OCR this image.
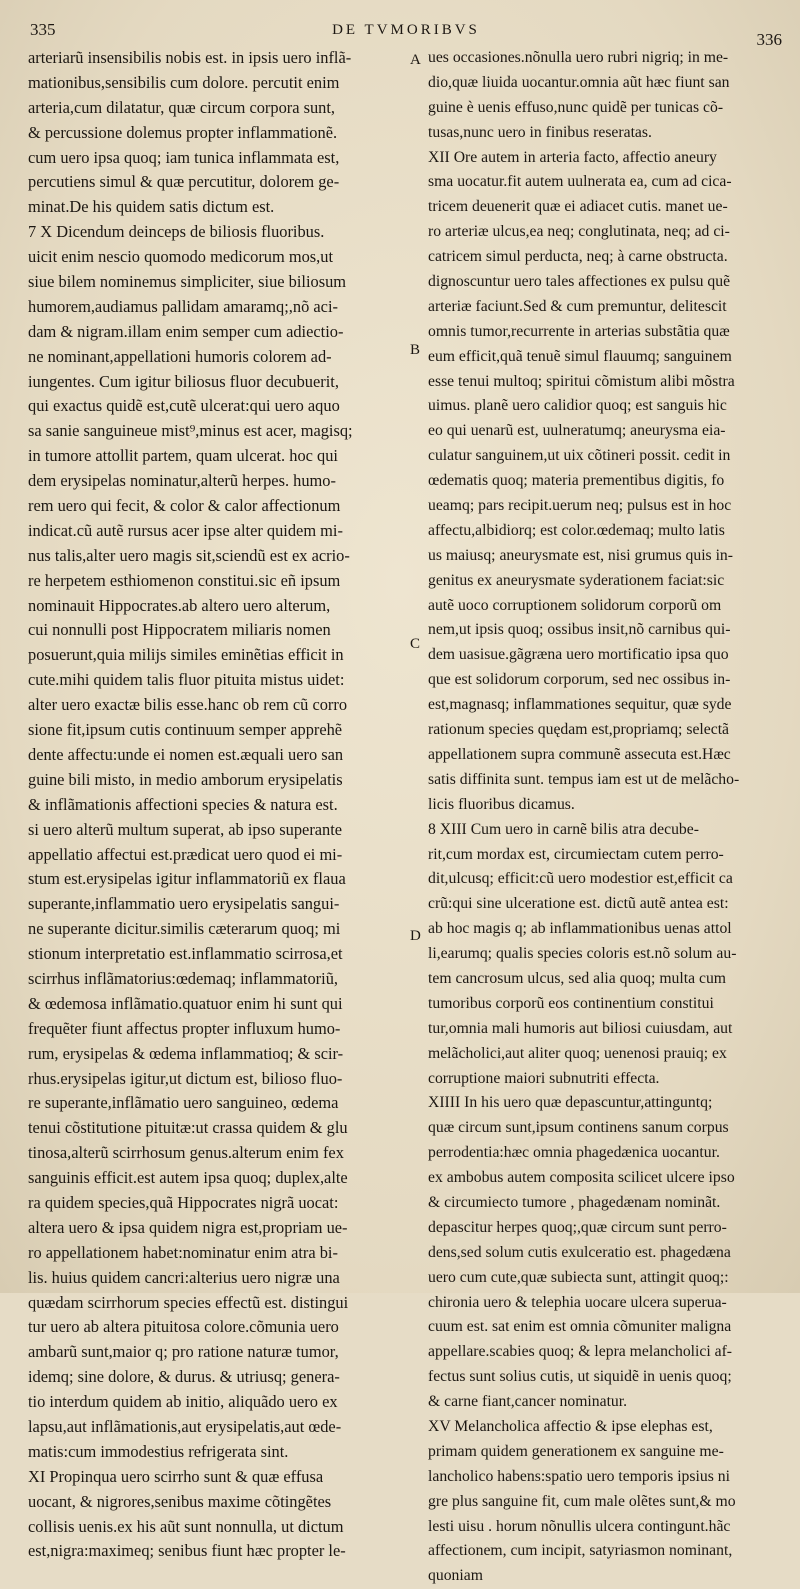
335	DE TVMORIBVS	336
arteriarũ insensibilis nobis est. in ipsis uero inflã-
mationibus,sensibilis cum dolore. percutit enim
arteria,cum dilatatur, quæ circum corpora sunt,
& percussione dolemus propter inflammationẽ.
cum uero ipsa quoq; iam tunica inflammata est,
percutiens simul & quæ percutitur, dolorem ge-
minat.De his quidem satis dictum est.
7 X Dicendum deinceps de biliosis fluoribus.
uicit enim nescio quomodo medicorum mos,ut
siue bilem nominemus simpliciter, siue biliosum
humorem,audiamus pallidam amaramq;,nõ aci-
dam & nigram.illam enim semper cum adiectio-
ne nominant,appellationi humoris colorem ad-
iungentes. Cum igitur biliosus fluor decubuerit,
qui exactus quidẽ est,cutẽ ulcerat:qui uero aquo
sa sanie sanguineue mist⁹,minus est acer, magisq;
in tumore attollit partem, quam ulcerat. hoc qui
dem erysipelas nominatur,alterũ herpes. humo-
rem uero qui fecit, & color & calor affectionum
indicat.cũ autẽ rursus acer ipse alter quidem mi-
nus talis,alter uero magis sit,sciendũ est ex acrio-
re herpetem esthiomenon constitui.sic eñ ipsum
nominauit Hippocrates.ab altero uero alterum,
cui nonnulli post Hippocratem miliaris nomen
posuerunt,quia milijs similes eminẽtias efficit in
cute.mihi quidem talis fluor pituita mistus uidet:
alter uero exactæ bilis esse.hanc ob rem cũ corro
sione fit,ipsum cutis continuum semper apprehẽ
dente affectu:unde ei nomen est.æquali uero san
guine bili misto, in medio amborum erysipelatis
& inflãmationis affectioni species & natura est.
si uero alterũ multum superat, ab ipso superante
appellatio affectui est.prædicat uero quod ei mi-
stum est.erysipelas igitur inflammatoriũ ex flaua
superante,inflammatio uero erysipelatis sangui-
ne superante dicitur.similis cæterarum quoq; mi
stionum interpretatio est.inflammatio scirrosa,et
scirrhus inflãmatorius:œdemaq; inflammatoriũ,
& œdemosa inflãmatio.quatuor enim hi sunt qui
frequẽter fiunt affectus propter influxum humo-
rum, erysipelas & œdema inflammatioq; & scir-
rhus.erysipelas igitur,ut dictum est, bilioso fluo-
re superante,inflãmatio uero sanguineo, œdema
tenui cõstitutione pituitæ:ut crassa quidem & glu
tinosa,alterũ scirrhosum genus.alterum enim fex
sanguinis efficit.est autem ipsa quoq; duplex,alte
ra quidem species,quã Hippocrates nigrã uocat:
altera uero & ipsa quidem nigra est,propriam ue-
ro appellationem habet:nominatur enim atra bi-
lis. huius quidem cancri:alterius uero nigræ una
quædam scirrhorum species effectũ est. distingui
tur uero ab altera pituitosa colore.cõmunia uero
ambarũ sunt,maior q; pro ratione naturæ tumor,
idemq; sine dolore, & durus. & utriusq; genera-
tio interdum quidem ab initio, aliquãdo uero ex
lapsu,aut inflãmationis,aut erysipelatis,aut œde-
matis:cum immodestius refrigerata sint.
XI Propinqua uero scirrho sunt & quæ effusa
uocant, & nigrores,senibus maxime cõtingẽtes
collisis uenis.ex his aũt sunt nonnulla, ut dictum
est,nigra:maximeq; senibus fiunt hæc propter le-
A
B
C
D
ues occasiones.nõnulla uero rubri nigriq; in me-
dio,quæ liuida uocantur.omnia aũt hæc fiunt san
guine è uenis effuso,nunc quidẽ per tunicas cõ-
tusas,nunc uero in finibus reseratas.
XII Ore autem in arteria facto, affectio aneury
sma uocatur.fit autem uulnerata ea, cum ad cica-
tricem deuenerit quæ ei adiacet cutis. manet ue-
ro arteriæ ulcus,ea neq; conglutinata, neq; ad ci-
catricem simul perducta, neq; à carne obstructa.
dignoscuntur uero tales affectiones ex pulsu quẽ
arteriæ faciunt.Sed & cum premuntur, delitescit
omnis tumor,recurrente in arterias substãtia quæ
eum efficit,quã tenuẽ simul flauumq; sanguinem
esse tenui multoq; spiritui cõmistum alibi mõstra
uimus. planẽ uero calidior quoq; est sanguis hic
eo qui uenarũ est, uulneratumq; aneurysma eia-
culatur sanguinem,ut uix cõtineri possit. cedit in
œdematis quoq; materia prementibus digitis, fo
ueamq; pars recipit.uerum neq; pulsus est in hoc
affectu,albidiorq; est color.œdemaq; multo latis
us maiusq; aneurysmate est, nisi grumus quis in-
genitus ex aneurysmate syderationem faciat:sic
autẽ uoco corruptionem solidorum corporũ om
nem,ut ipsis quoq; ossibus insit,nõ carnibus qui-
dem uasisue.gãgræna uero mortificatio ipsa quo
que est solidorum corporum, sed nec ossibus in-
est,magnasq; inflammationes sequitur, quæ syde
rationum species quędam est,propriamq; selectã
appellationem supra communẽ assecuta est.Hæc
satis diffinita sunt. tempus iam est ut de melãcho-
licis fluoribus dicamus.
8 XIII Cum uero in carnẽ bilis atra decube-
rit,cum mordax est, circumiectam cutem perro-
dit,ulcusq; efficit:cũ uero modestior est,efficit ca
crũ:qui sine ulceratione est. dictũ autẽ antea est:
ab hoc magis q; ab inflammationibus uenas attol
li,earumq; qualis species coloris est.nõ solum au-
tem cancrosum ulcus, sed alia quoq; multa cum
tumoribus corporũ eos continentium constitui
tur,omnia mali humoris aut biliosi cuiusdam, aut
melãcholici,aut aliter quoq; uenenosi prauiq; ex
corruptione maiori subnutriti effecta.
XIIII In his uero quæ depascuntur,attinguntq;
quæ circum sunt,ipsum continens sanum corpus
perrodentia:hæc omnia phagedænica uocantur.
ex ambobus autem composita scilicet ulcere ipso
& circumiecto tumore , phagedænam nominãt.
depascitur herpes quoq;,quæ circum sunt perro-
dens,sed solum cutis exulceratio est. phagedæna
uero cum cute,quæ subiecta sunt, attingit quoq;:
chironia uero & telephia uocare ulcera superua-
cuum est. sat enim est omnia cõmuniter maligna
appellare.scabies quoq; & lepra melancholici af-
fectus sunt solius cutis, ut siquidẽ in uenis quoq;
& carne fiant,cancer nominatur.
XV Melancholica affectio & ipse elephas est,
primam quidem generationem ex sanguine me-
lancholico habens:spatio uero temporis ipsius ni
gre plus sanguine fit, cum male olẽtes sunt,& mo
lesti uisu . horum nõnullis ulcera contingunt.hãc
affectionem, cum incipit, satyriasmon nominant,
quoniam
